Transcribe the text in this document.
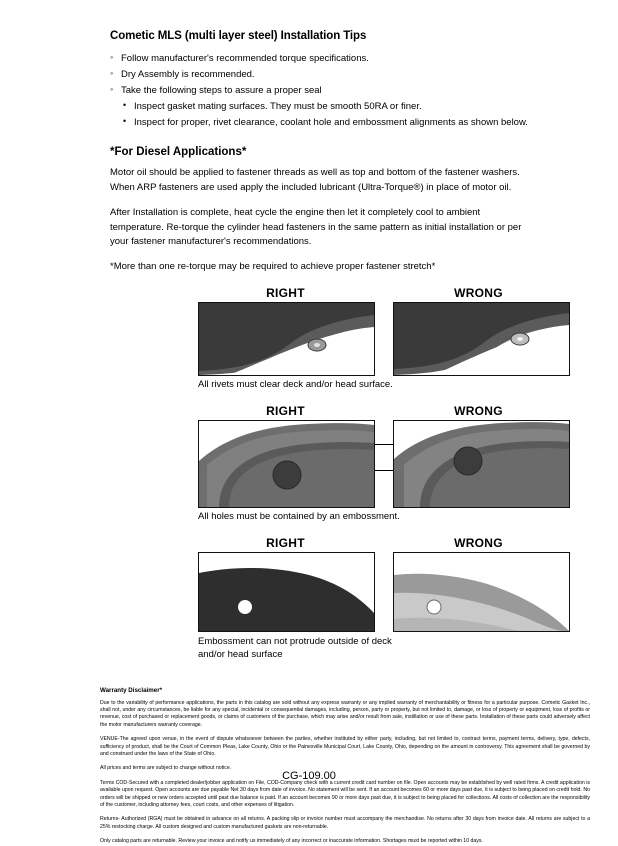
Cometic MLS (multi layer steel) Installation Tips
◦ Follow manufacturer's recommended torque specifications.
◦ Dry Assembly is recommended.
◦ Take the following steps to assure a proper seal
• Inspect gasket mating surfaces. They must be smooth 50RA or finer.
• Inspect for proper, rivet clearance, coolant hole and embossment alignments as shown below.
*For Diesel Applications*

Motor oil should be applied to fastener threads as well as top and bottom of the fastener washers. When ARP fasteners are used apply the included lubricant (Ultra-Torque®) in place of motor oil.

After Installation is complete, heat cycle the engine then let it completely cool to ambient temperature. Re-torque the cylinder head fasteners in the same pattern as initial installation or per your fastener manufacturer's recommendations.

*More than one re-torque may be required to achieve proper fastener stretch*

RIGHT	WRONG
All rivets must clear deck and/or head surface.
RIGHT	WRONG
All holes must be contained by an embossment.
RIGHT	WRONG
Embossment can not protrude outside of deck
and/or head surface
Warranty Disclaimer*

Due to the variability of performance applications, the parts in this catalog are sold without any express warranty or any implied warranty of merchantability or fitness for a particular purpose. Cometic Gasket Inc., shall not, under any circumstances, be liable for any special, incidental or consequential damages, including, person, party or property, but not limited to, damage, or loss of property or equipment, loss of profits or revenue, cost of purchased or replacement goods, or claims of customers of the purchase, which may arise and/or result from sale, instillation or use of these parts. Installation of these parts could adversely affect the motor manufacturers warranty coverage.

VENUE-The agreed upon venue, in the event of dispute whatsoever between the parties, whether instituted by either party, including, but not limited to, contract terms, payment terms, delivery, type, defects, sufficiency of product, shall be the Court of Common Pleas, Lake County, Ohio or the Painesville Municipal Court, Lake County, Ohio, depending on the amount in controversy. This agreement shall be governed by and construed under the laws of the State of Ohio.

All prices and terms are subject to change without notice.

Terms COD-Secured with a completed dealer/jobber application on File, COD-Company check with a current credit card number on file. Open accounts may be established by well rated firms. A credit application is available upon request. Open accounts are due payable Net 30 days from date of invoice. No statement will be sent. If an account becomes 60 or more days past due, it is subject to being placed on credit hold. No orders will be shipped or new orders accepted until past due balance is paid. If an account becomes 90 or more days past due, it is subject to being placed for collections. All costs of collection are the responsibility of the customer, including attorney fees, court costs, and other expenses of litigation.

Returns- Authorized (RGA) must be obtained in advance on all returns. A packing slip or invoice number must accompany the merchandise. No returns after 30 days from invoice date. All returns are subject to a 25% restocking charge. All custom designed and custom manufactured gaskets are non-returnable.

Only catalog parts are returnable. Review your invoice and notify us immediately of any incorrect or inaccurate information. Shortages must be reported within 10 days.

CG-109.00
